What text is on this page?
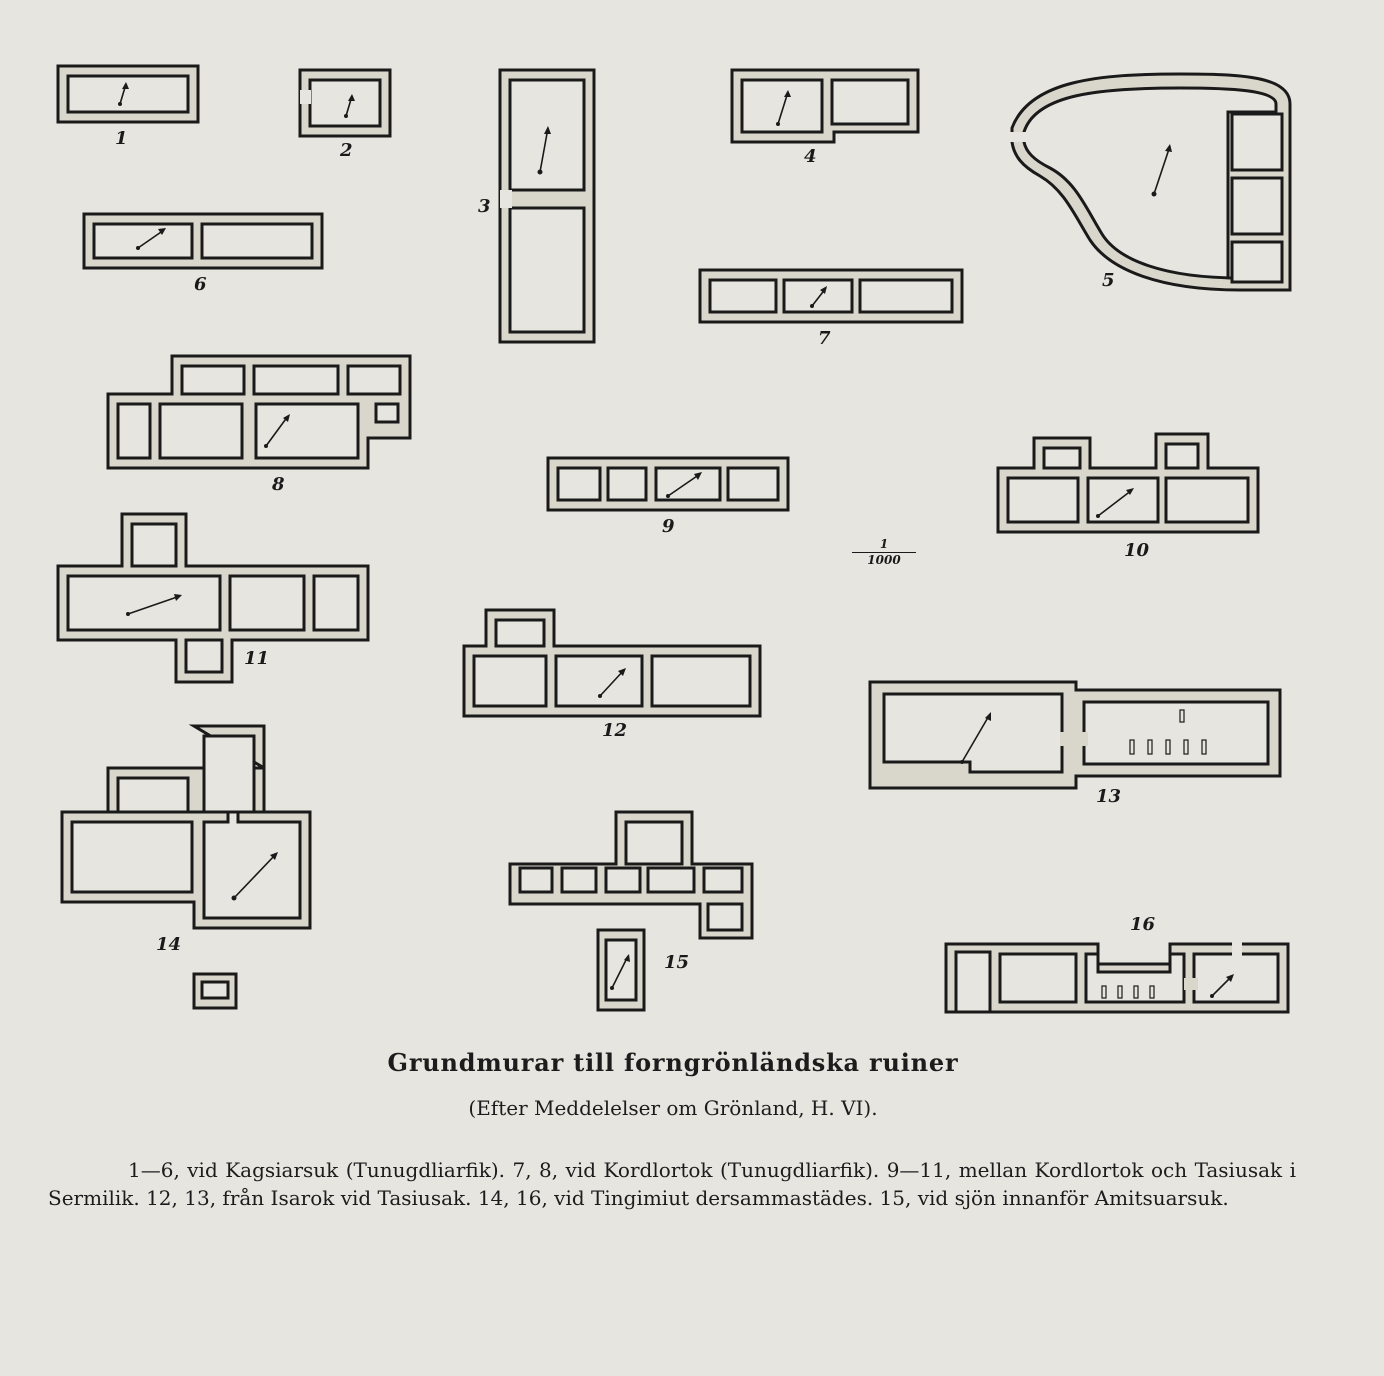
1
2
3
4
5
6
7
8
9
10
11
12
13
14
15
16
1
1000
Grundmurar till forngrönländska ruiner
(Efter Meddelelser om Grönland, H. VI).

1—6, vid Kagsiarsuk (Tunugdliarfik). 7, 8, vid Kordlortok (Tunugdliarfik). 9—11, mellan Kordlortok och Tasiusak i Sermilik. 12, 13, från Isarok vid Tasiusak. 14, 16, vid Tingimiut dersammastädes. 15, vid sjön innanför Amitsuarsuk.
